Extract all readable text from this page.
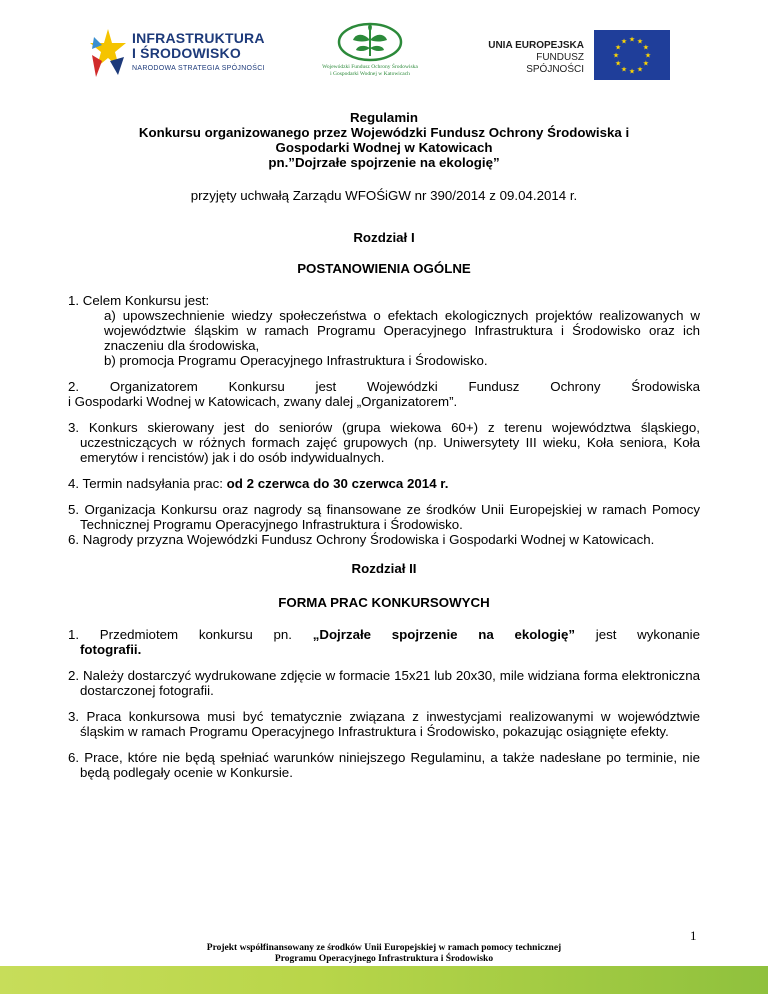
INFRASTRUKTURA
I ŚRODOWISKO
NARODOWA STRATEGIA SPÓJNOŚCI	Wojewódzki Fundusz Ochrony Środowiska
i Gospodarki Wodnej w Katowicach
UNIA EUROPEJSKA
FUNDUSZ SPÓJNOŚCI
★
★
★
★
★
★
★
★
★ ★ ★
★
Regulamin
Konkursu organizowanego przez Wojewódzki Fundusz Ochrony Środowiska i
Gospodarki Wodnej w Katowicach
pn.”Dojrzałe spojrzenie na ekologię”
przyjęty uchwałą Zarządu WFOŚiGW nr 390/2014 z 09.04.2014 r.
Rozdział I
POSTANOWIENIA OGÓLNE
1. Celem Konkursu jest:
a) upowszechnienie wiedzy społeczeństwa o efektach ekologicznych projektów realizowanych w województwie śląskim w ramach Programu Operacyjnego Infrastruktura i Środowisko oraz ich znaczeniu dla środowiska,
b) promocja Programu Operacyjnego Infrastruktura i Środowisko.
2. Organizatorem Konkursu jest Wojewódzki Fundusz Ochrony Środowiska
i Gospodarki Wodnej w Katowicach, zwany dalej „Organizatorem”.
3. Konkurs skierowany jest do seniorów (grupa wiekowa 60+) z terenu województwa śląskiego, uczestniczących w różnych formach zajęć grupowych (np. Uniwersytety III wieku, Koła seniora, Koła emerytów i rencistów) jak i do osób indywidualnych.
4. Termin nadsyłania prac: od 2 czerwca do 30 czerwca 2014 r.
5. Organizacja Konkursu oraz nagrody są finansowane ze środków Unii Europejskiej w ramach Pomocy Technicznej Programu Operacyjnego Infrastruktura i Środowisko.
6. Nagrody przyzna Wojewódzki Fundusz Ochrony Środowiska i Gospodarki Wodnej w Katowicach.
Rozdział II
FORMA PRAC KONKURSOWYCH
1. Przedmiotem konkursu pn. „Dojrzałe spojrzenie na ekologię” jest wykonanie
fotografii.
2. Należy dostarczyć wydrukowane zdjęcie w formacie 15x21 lub 20x30, mile widziana forma elektroniczna dostarczonej fotografii.
3. Praca konkursowa musi być tematycznie związana z inwestycjami realizowanymi w województwie śląskim w ramach Programu Operacyjnego Infrastruktura i Środowisko, pokazując osiągnięte efekty.
6. Prace, które nie będą spełniać warunków niniejszego Regulaminu, a także nadesłane po terminie, nie będą podlegały ocenie w Konkursie.
1
Projekt współfinansowany ze środków Unii Europejskiej w ramach pomocy technicznej
Programu Operacyjnego Infrastruktura i Środowisko
